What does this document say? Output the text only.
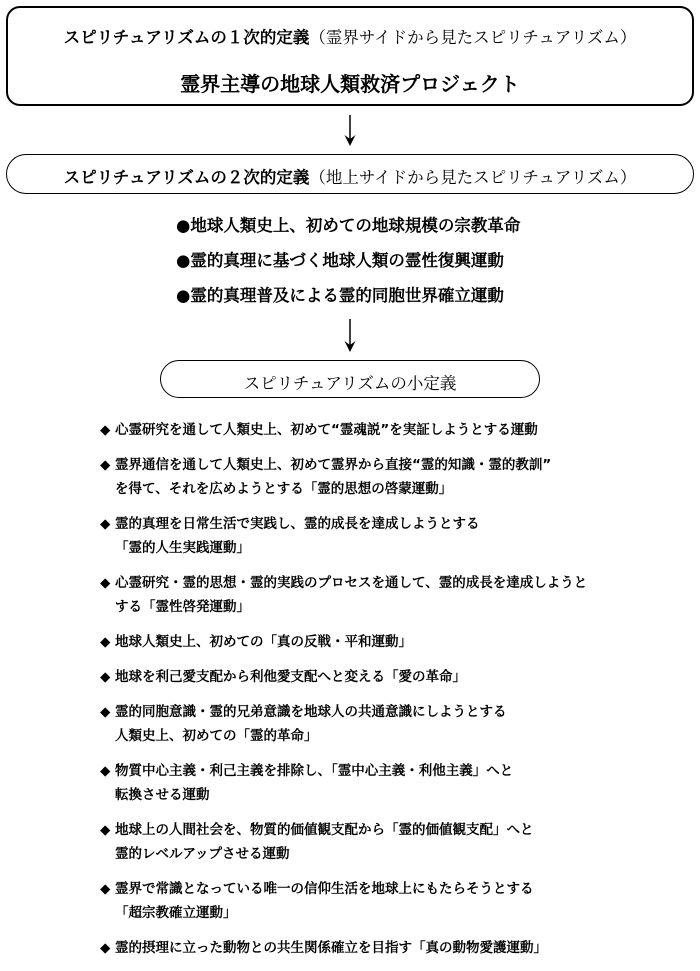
スピリチュアリズムの１次的定義（霊界サイドから見たスピリチュアリズム）
霊界主導の地球人類救済プロジェクト
スピリチュアリズムの２次的定義（地上サイドから見たスピリチュアリズム）
●地球人類史上、初めての地球規模の宗教革命
●霊的真理に基づく地球人類の霊性復興運動
●霊的真理普及による霊的同胞世界確立運動
スピリチュアリズムの小定義
◆ 心霊研究を通して人類史上、初めて“霊魂説”を実証しようとする運動
◆ 霊界通信を通して人類史上、初めて霊界から直接“霊的知識・霊的教訓”
を得て、それを広めようとする「霊的思想の啓蒙運動」
◆ 霊的真理を日常生活で実践し、霊的成長を達成しようとする
「霊的人生実践運動」
◆ 心霊研究・霊的思想・霊的実践のプロセスを通して、霊的成長を達成しようと
する「霊性啓発運動」
◆ 地球人類史上、初めての「真の反戦・平和運動」
◆ 地球を利己愛支配から利他愛支配へと変える「愛の革命」
◆ 霊的同胞意識・霊的兄弟意識を地球人の共通意識にしようとする
人類史上、初めての「霊的革命」
◆ 物質中心主義・利己主義を排除し、「霊中心主義・利他主義」へと
転換させる運動
◆ 地球上の人間社会を、物質的価値観支配から「霊的価値観支配」へと
霊的レベルアップさせる運動
◆ 霊界で常識となっている唯一の信仰生活を地球上にもたらそうとする
「超宗教確立運動」
◆ 霊的摂理に立った動物との共生関係確立を目指す「真の動物愛護運動」
